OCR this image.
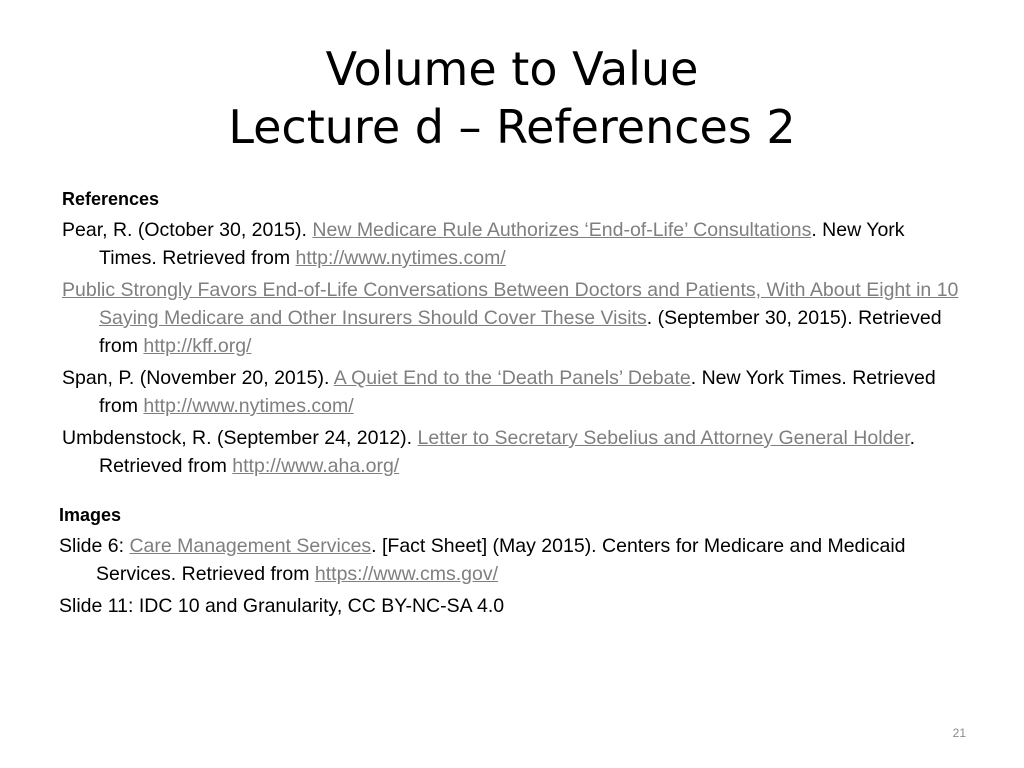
Volume to Value
Lecture d – References 2
References
Pear, R. (October 30, 2015). New Medicare Rule Authorizes ‘End-of-Life’ Consultations. New York Times. Retrieved from http://www.nytimes.com/
Public Strongly Favors End-of-Life Conversations Between Doctors and Patients, With About Eight in 10 Saying Medicare and Other Insurers Should Cover These Visits. (September 30, 2015). Retrieved from http://kff.org/
Span, P. (November 20, 2015). A Quiet End to the ‘Death Panels’ Debate. New York Times. Retrieved from http://www.nytimes.com/
Umbdenstock, R. (September 24, 2012). Letter to Secretary Sebelius and Attorney General Holder. Retrieved from http://www.aha.org/
Images
Slide 6: Care Management Services. [Fact Sheet] (May 2015). Centers for Medicare and Medicaid Services. Retrieved from https://www.cms.gov/
Slide 11: IDC 10 and Granularity, CC BY-NC-SA 4.0
21
